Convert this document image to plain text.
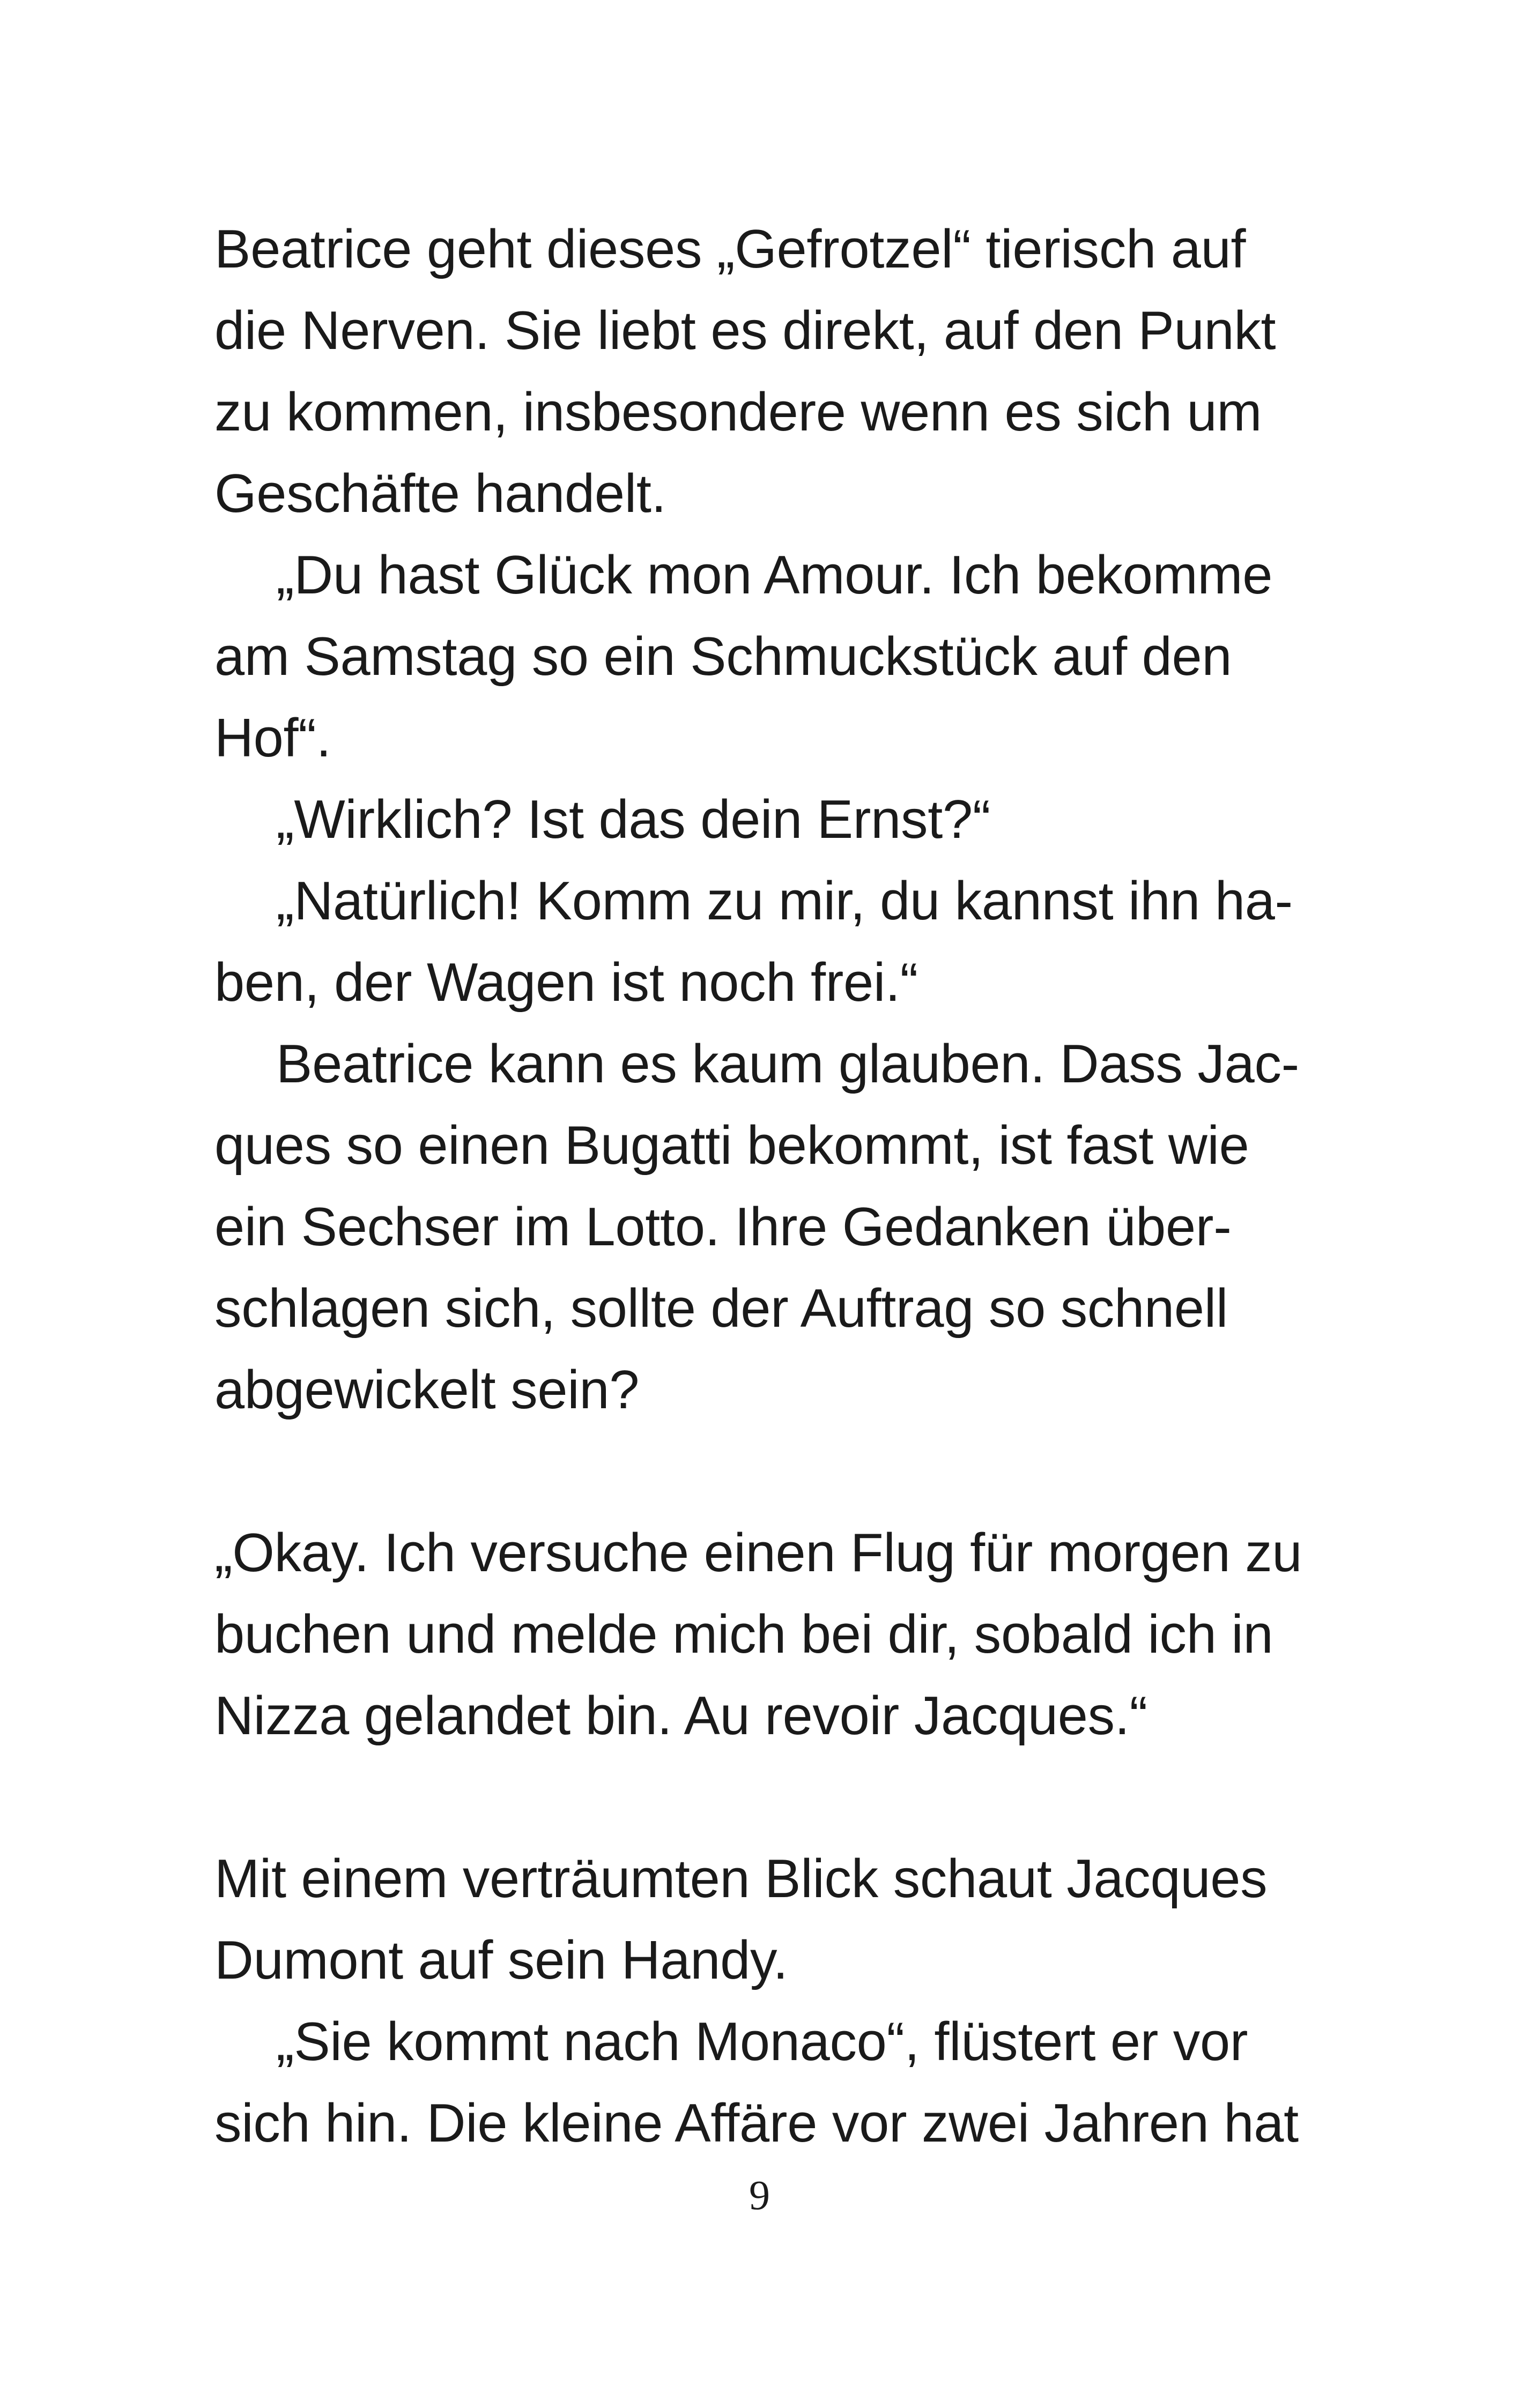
Beatrice geht dieses „Gefrotzel“ tierisch auf
die Nerven. Sie liebt es direkt, auf den Punkt
zu kommen, insbesondere wenn es sich um
Geschäfte handelt.
„Du hast Glück mon Amour. Ich bekomme
am Samstag so ein Schmuckstück auf den
Hof“.
„Wirklich? Ist das dein Ernst?“
„Natürlich! Komm zu mir, du kannst ihn ha-
ben, der Wagen ist noch frei.“
Beatrice kann es kaum glauben. Dass Jac-
ques so einen Bugatti bekommt, ist fast wie
ein Sechser im Lotto. Ihre Gedanken über-
schlagen sich, sollte der Auftrag so schnell
abgewickelt sein?
„Okay. Ich versuche einen Flug für morgen zu
buchen und melde mich bei dir, sobald ich in
Nizza gelandet bin. Au revoir Jacques.“
Mit einem verträumten Blick schaut Jacques
Dumont auf sein Handy.
„Sie kommt nach Monaco“, flüstert er vor
sich hin. Die kleine Affäre vor zwei Jahren hat
9
